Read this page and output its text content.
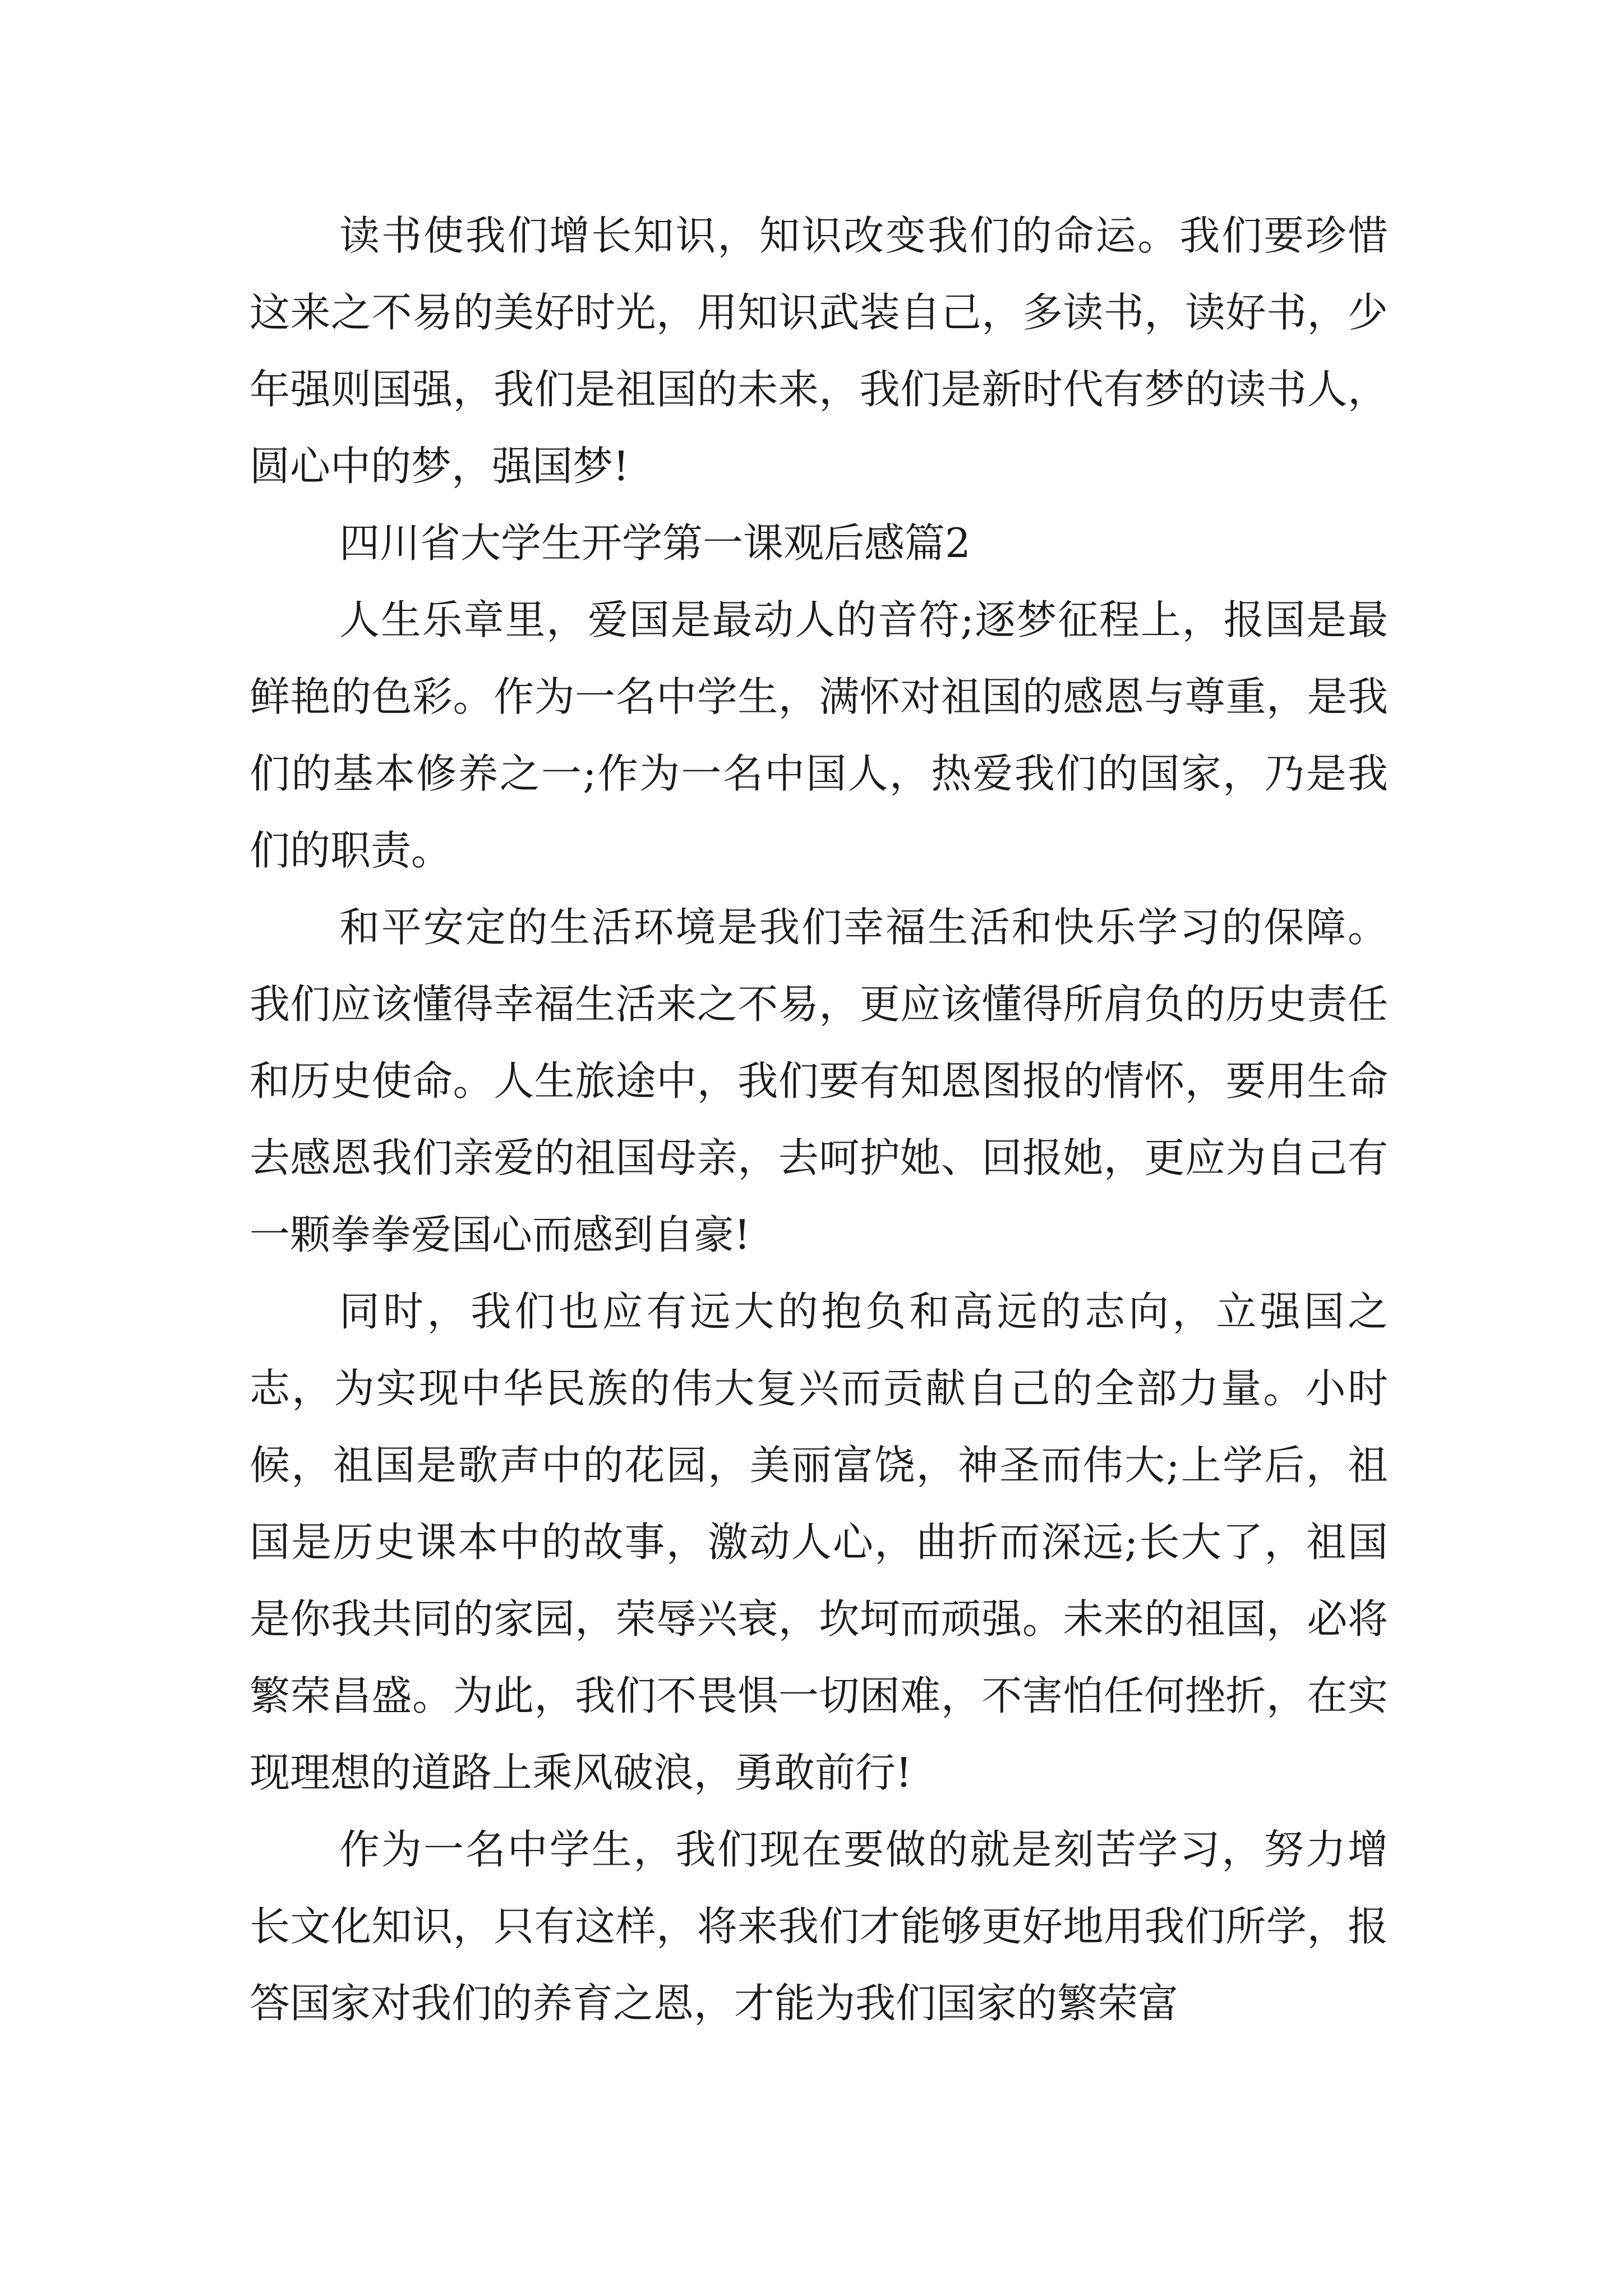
读书使我们增长知识，知识改变我们的命运。我们要珍惜这来之不易的美好时光，用知识武装自己，多读书，读好书，少年强则国强，我们是祖国的未来，我们是新时代有梦的读书人，圆心中的梦，强国梦!

四川省大学生开学第一课观后感篇2

人生乐章里，爱国是最动人的音符;逐梦征程上，报国是最鲜艳的色彩。作为一名中学生，满怀对祖国的感恩与尊重，是我们的基本修养之一;作为一名中国人，热爱我们的国家，乃是我们的职责。

和平安定的生活环境是我们幸福生活和快乐学习的保障。我们应该懂得幸福生活来之不易，更应该懂得所肩负的历史责任和历史使命。人生旅途中，我们要有知恩图报的情怀，要用生命去感恩我们亲爱的祖国母亲，去呵护她、回报她，更应为自己有一颗拳拳爱国心而感到自豪!

同时，我们也应有远大的抱负和高远的志向，立强国之志，为实现中华民族的伟大复兴而贡献自己的全部力量。小时候，祖国是歌声中的花园，美丽富饶，神圣而伟大;上学后，祖国是历史课本中的故事，激动人心，曲折而深远;长大了，祖国是你我共同的家园，荣辱兴衰，坎坷而顽强。未来的祖国，必将繁荣昌盛。为此，我们不畏惧一切困难，不害怕任何挫折，在实现理想的道路上乘风破浪，勇敢前行!

作为一名中学生，我们现在要做的就是刻苦学习，努力增长文化知识，只有这样，将来我们才能够更好地用我们所学，报答国家对我们的养育之恩，才能为我们国家的繁荣富
